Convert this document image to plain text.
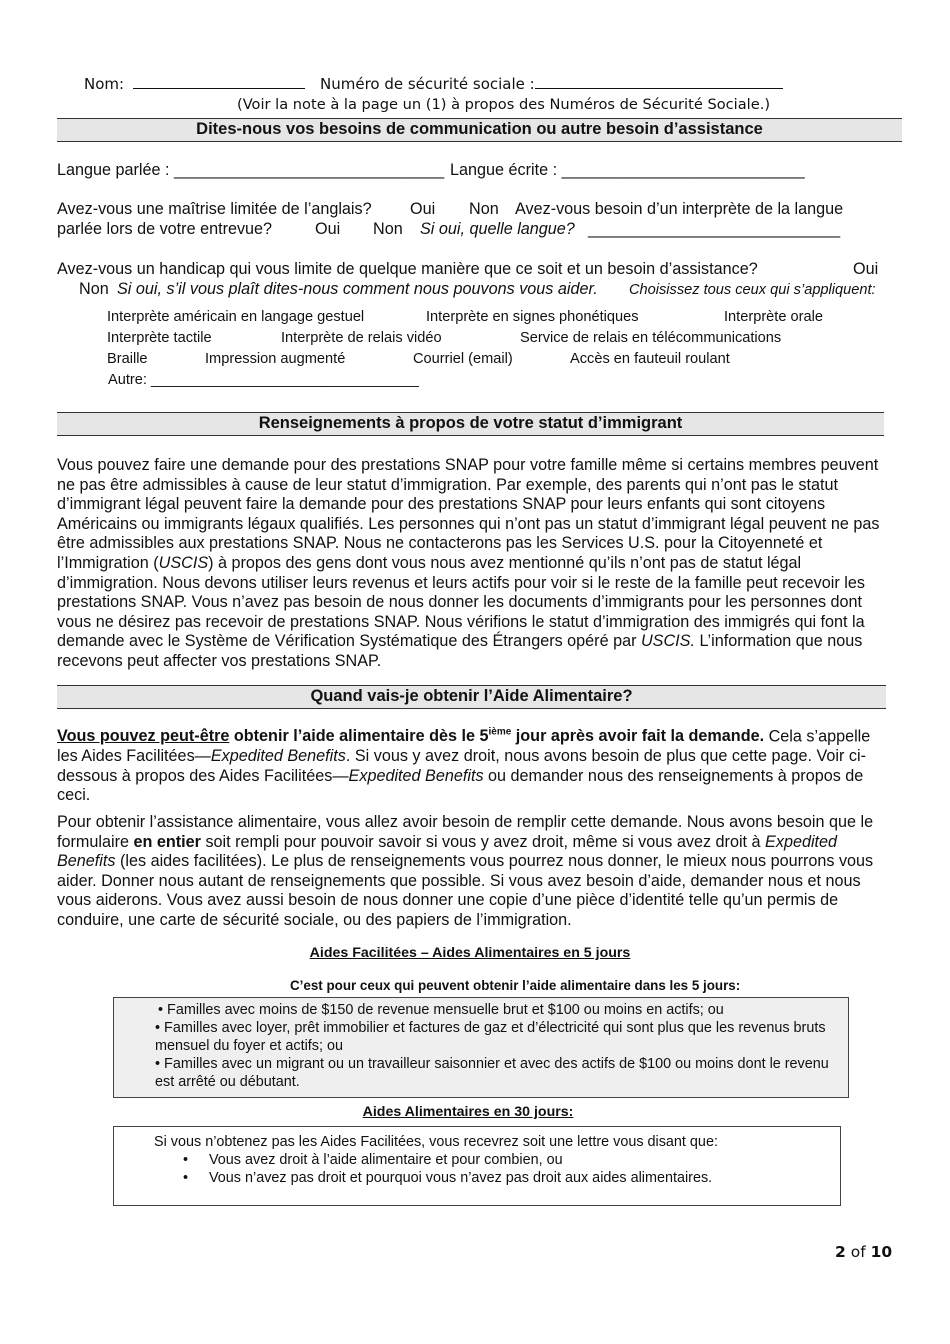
Nom:	Numéro de sécurité sociale :
(Voir la note à la page un (1) à propos des Numéros de Sécurité Sociale.)
Dites-nous vos besoins de communication ou autre besoin d’assistance
Langue parlée : ______________________________ Langue écrite : ___________________________
Avez-vous une maîtrise limitée de l’anglais? Oui Non Avez-vous besoin d’un interprète de la langue
parlée lors de votre entrevue?	Oui Non Si oui, quelle langue? ____________________________
Avez-vous un handicap qui vous limite de quelque manière que ce soit et un besoin d’assistance?	Oui
Non Si oui, s’il vous plaît dites-nous comment nous pouvons vous aider. Choisissez tous ceux qui s’appliquent:
Interprète américain en langage gestuel	Interprète en signes phonétiques	Interprète orale
Interprète tactile	Interprète de relais vidéo	Service de relais en télécommunications
Braille	Impression augmenté	Courriel (email)	Accès en fauteuil roulant
Autre: _________________________________
Renseignements à propos de votre statut d’immigrant

Vous pouvez faire une demande pour des prestations SNAP pour votre famille même si certains membres peuvent ne pas être admissibles à cause de leur statut d’immigration. Par exemple, des parents qui n’ont pas le statut d’immigrant légal peuvent faire la demande pour des prestations SNAP pour leurs enfants qui sont citoyens Américains ou immigrants légaux qualifiés. Les personnes qui n’ont pas un statut d’immigrant légal peuvent ne pas être admissibles aux prestations SNAP. Nous ne contacterons pas les Services U.S. pour la Citoyenneté et l’Immigration (USCIS) à propos des gens dont vous nous avez mentionné qu’ils n’ont pas de statut légal d’immigration. Nous devons utiliser leurs revenus et leurs actifs pour voir si le reste de la famille peut recevoir les prestations SNAP. Vous n’avez pas besoin de nous donner les documents d’immigrants pour les personnes dont vous ne désirez pas recevoir de prestations SNAP. Nous vérifions le statut d’immigration des immigrés qui font la demande avec le Système de Vérification Systématique des Étrangers opéré par USCIS. L’information que nous recevons peut affecter vos prestations SNAP.

Quand vais-je obtenir l’Aide Alimentaire?

Vous pouvez peut-être obtenir l’aide alimentaire dès le 5ième jour après avoir fait la demande. Cela s’appelle les Aides Facilitées—Expedited Benefits. Si vous y avez droit, nous avons besoin de plus que cette page. Voir ci-dessous à propos des Aides Facilitées—Expedited Benefits ou demander nous des renseignements à propos de ceci.

Pour obtenir l’assistance alimentaire, vous allez avoir besoin de remplir cette demande. Nous avons besoin que le formulaire en entier soit rempli pour pouvoir savoir si vous y avez droit, même si vous avez droit à Expedited Benefits (les aides facilitées). Le plus de renseignements vous pourrez nous donner, le mieux nous pourrons vous aider. Donner nous autant de renseignements que possible. Si vous avez besoin d’aide, demander nous et nous vous aiderons. Vous avez aussi besoin de nous donner une copie d’une pièce d’identité telle qu’un permis de conduire, une carte de sécurité sociale, ou des papiers de l’immigration.

Aides Facilitées – Aides Alimentaires en 5 jours
C’est pour ceux qui peuvent obtenir l’aide alimentaire dans les 5 jours:
• Familles avec moins de $150 de revenue mensuelle brut et $100 ou moins en actifs; ou
• Familles avec loyer, prêt immobilier et factures de gaz et d’électricité qui sont plus que les revenus bruts mensuel du foyer et actifs; ou
• Familles avec un migrant ou un travailleur saisonnier et avec des actifs de $100 ou moins dont le revenu est arrêté ou débutant.
Aides Alimentaires en 30 jours:
Si vous n’obtenez pas les Aides Facilitées, vous recevrez soit une lettre vous disant que:
• Vous avez droit à l’aide alimentaire et pour combien, ou
• Vous n’avez pas droit et pourquoi vous n’avez pas droit aux aides alimentaires.
2 of 10
